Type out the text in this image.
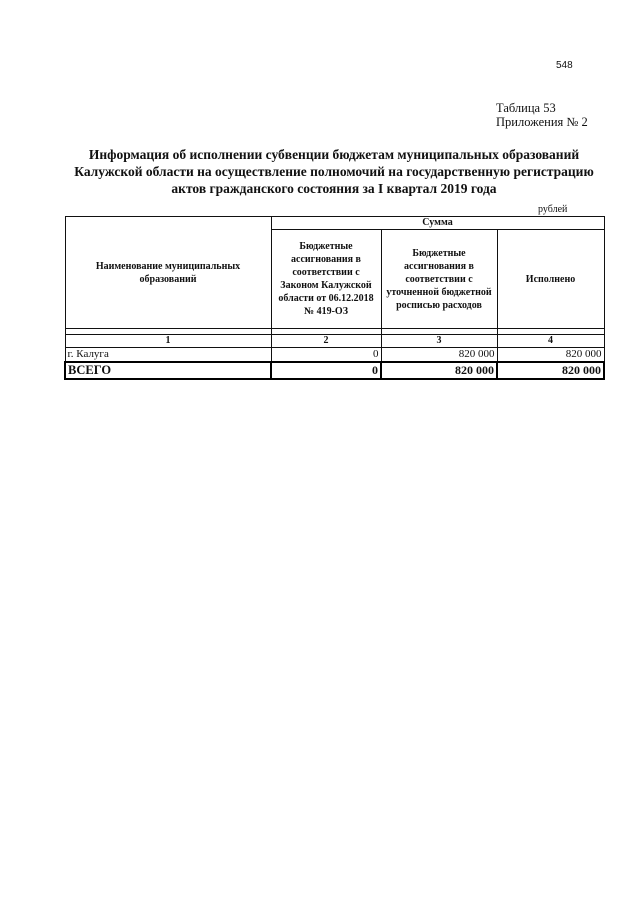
548
Таблица 53
Приложения № 2
Информация об исполнении субвенции бюджетам муниципальных образований
Калужской области на осуществление полномочий на государственную регистрацию
актов гражданского состояния за I квартал 2019 года
рублей
Наименование муниципальных образований	Сумма		
	Бюджетные ассигнования в соответствии с Законом Калужской области от 06.12.2018 № 419-ОЗ	Бюджетные ассигнования в соответствии с уточненной бюджетной росписью расходов	Исполнено

1	2	3	4
г. Калуга	0	820 000	820 000
ВСЕГО	0	820 000	820 000
